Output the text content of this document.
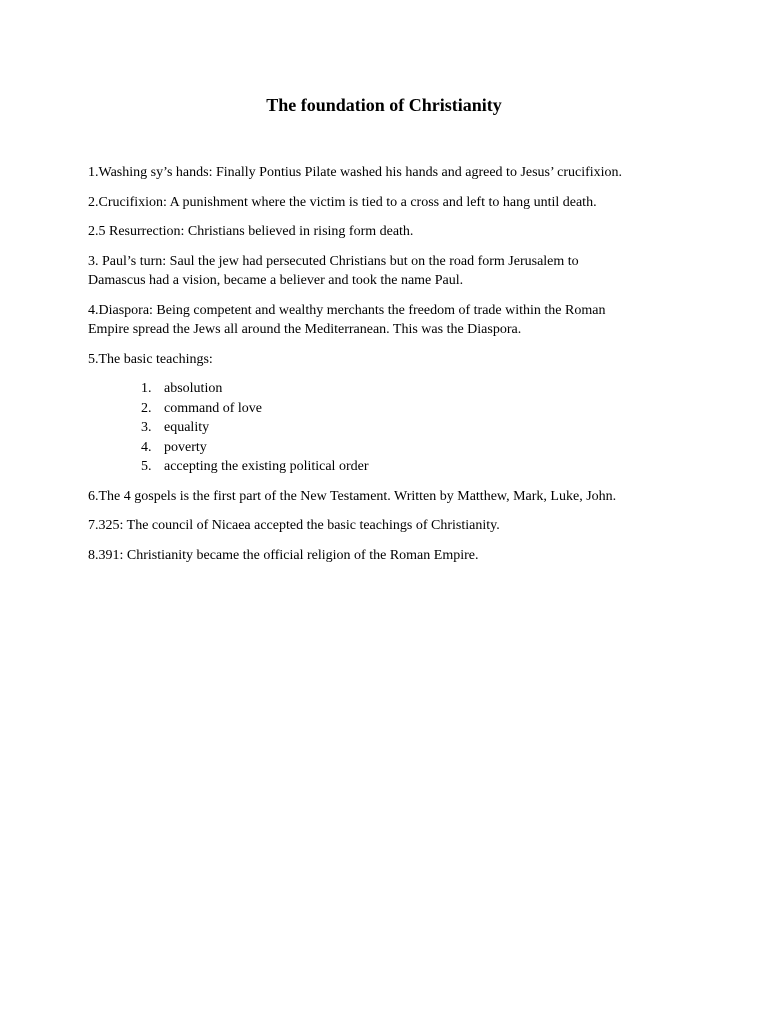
The foundation of Christianity

1.Washing sy’s hands: Finally Pontius Pilate washed his hands and agreed to Jesus’ crucifixion.

2.Crucifixion: A punishment where the victim is tied to a cross and left to hang until death.

2.5 Resurrection: Christians believed in rising form death.

3. Paul’s turn: Saul the jew had persecuted Christians but on the road form Jerusalem to
Damascus had a vision, became a believer and took the name Paul.

4.Diaspora: Being competent and wealthy merchants the freedom of trade within the Roman
Empire spread the Jews all around the Mediterranean. This was the Diaspora.

5.The basic teachings:

1. absolution
2. command of love
3. equality
4. poverty
5. accepting the existing political order

6.The 4 gospels is the first part of the New Testament. Written by Matthew, Mark, Luke, John.

7.325: The council of Nicaea accepted the basic teachings of Christianity.

8.391: Christianity became the official religion of the Roman Empire.
